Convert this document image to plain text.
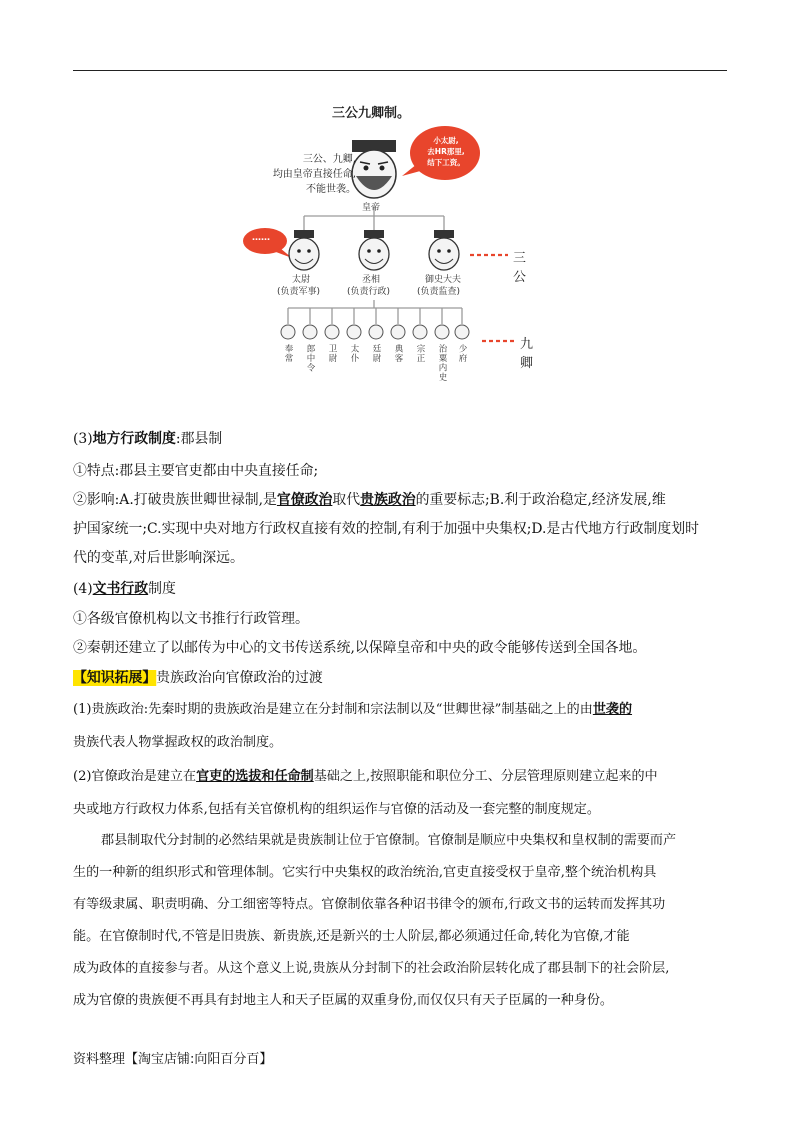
三公九卿制。
三公、九卿,
均由皇帝直接任命,
不能世袭。
小太尉,
去HR那里,
结下工资。
……
皇帝
太尉
(负责军事)
丞相
(负责行政)
御史大夫
(负责监查)
三公
九卿
奉常 郎中令 卫尉 太仆 廷尉 典客 宗正 治粟内史 少府
(3)地方行政制度:郡县制
①特点:郡县主要官吏都由中央直接任命;
②影响:A.打破贵族世卿世禄制,是官僚政治取代贵族政治的重要标志;B.利于政治稳定,经济发展,维
护国家统一;C.实现中央对地方行政权直接有效的控制,有利于加强中央集权;D.是古代地方行政制度划时
代的变革,对后世影响深远。
(4)文书行政制度
①各级官僚机构以文书推行行政管理。
②秦朝还建立了以邮传为中心的文书传送系统,以保障皇帝和中央的政令能够传送到全国各地。
【知识拓展】贵族政治向官僚政治的过渡
(1)贵族政治:先秦时期的贵族政治是建立在分封制和宗法制以及“世卿世禄”制基础之上的由世袭的
贵族代表人物掌握政权的政治制度。
(2)官僚政治是建立在官吏的选拔和任命制基础之上,按照职能和职位分工、分层管理原则建立起来的中
央或地方行政权力体系,包括有关官僚机构的组织运作与官僚的活动及一套完整的制度规定。
郡县制取代分封制的必然结果就是贵族制让位于官僚制。官僚制是顺应中央集权和皇权制的需要而产
生的一种新的组织形式和管理体制。它实行中央集权的政治统治,官吏直接受权于皇帝,整个统治机构具
有等级隶属、职责明确、分工细密等特点。官僚制依靠各种诏书律令的颁布,行政文书的运转而发挥其功
能。在官僚制时代,不管是旧贵族、新贵族,还是新兴的士人阶层,都必须通过任命,转化为官僚,才能
成为政体的直接参与者。从这个意义上说,贵族从分封制下的社会政治阶层转化成了郡县制下的社会阶层,
成为官僚的贵族便不再具有封地主人和天子臣属的双重身份,而仅仅只有天子臣属的一种身份。
资料整理【淘宝店铺:向阳百分百】
